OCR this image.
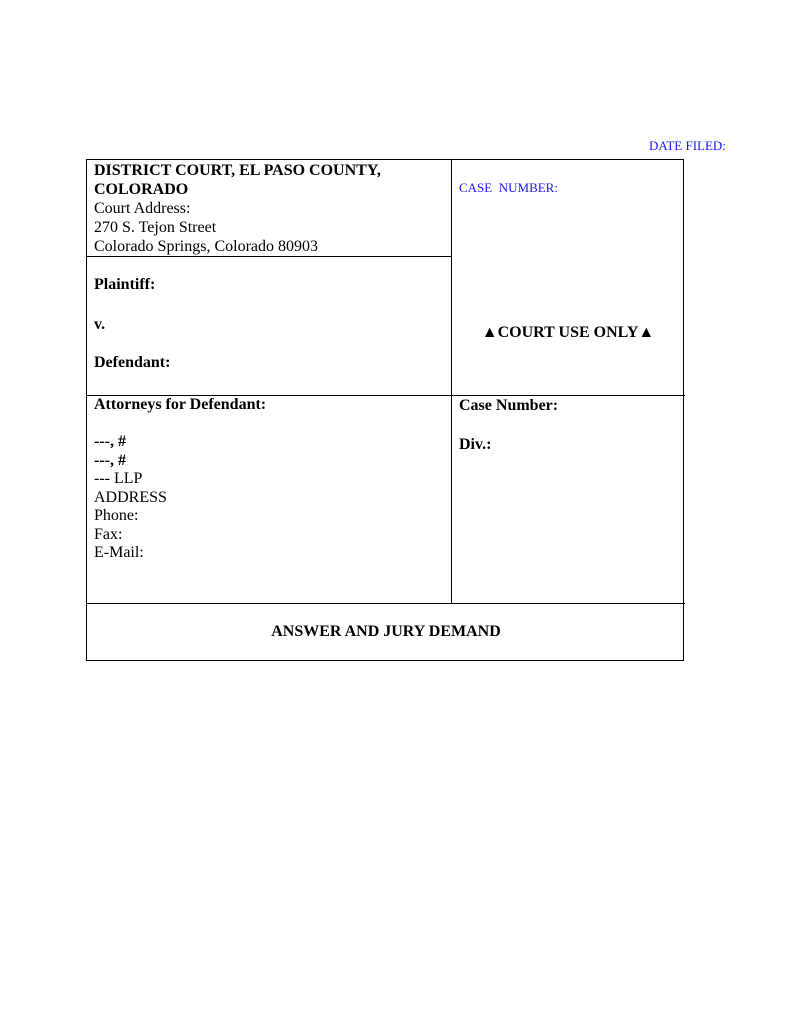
DATE FILED:
DISTRICT COURT, EL PASO COUNTY,
COLORADO
Court Address:
270 S. Tejon Street
Colorado Springs, Colorado 80903
CASE  NUMBER:
Plaintiff:
v.
Defendant:
▲COURT USE ONLY▲
Attorneys for Defendant:

---, #
---, #
--- LLP
ADDRESS
Phone:
Fax:
E-Mail:
Case Number:
Div.:
ANSWER AND JURY DEMAND
